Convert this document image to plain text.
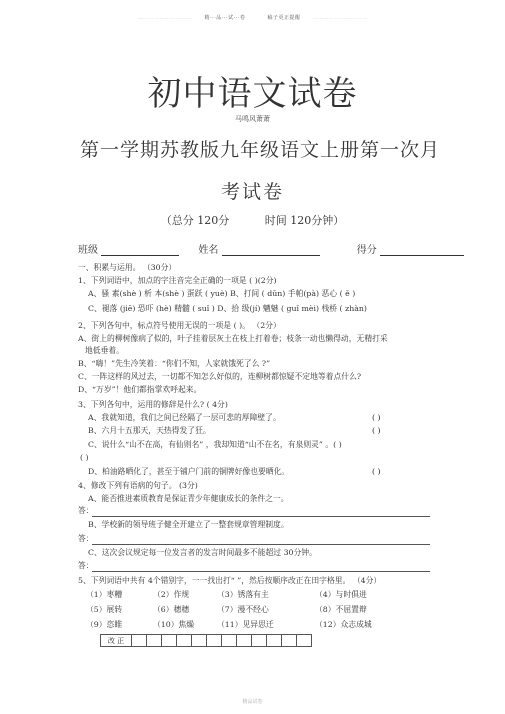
………………………… 精···品···试···卷	稿子更正提醒 …………………………
初中语文试卷
马鸣风萧萧
第一学期苏教版九年级语文上册第一次月
考试卷
（总分 120分	时间 120分钟）
班级	姓名	得分
一、积累与运用。 （30分）
1、下列词语中，加点的字注音完全正确的一项是 ( )(2分)
A、骚 素(shè ) 析 本(shè ) 蛋跃 ( yuè) B、打间 ( dǔn) 手帕(pà) 恶心 ( ě )
C、褪落 (jiē) 恐吓 (hè) 精髓 ( suǐ ) D、拾 级(jí) 魑魅 ( guǐ mèi) 栈桥 ( zhàn)
2、下列各句中，标点符号使用无误的一项是 ( )。 （2分）
A、街上的柳树像病了似的，叶子挂着层灰土在枝上打着卷；枝条一动也懒得动，无精打采
地低垂着。
B、“嗨！”先生冷笑着：“你们不知，人家就饿死了么 ?”
C、一阵这样的风过去，一切都不知怎么好似的，连柳树都惊疑不定地等着点什么?
D、“万岁”！他们都指掌欢呼起来。
3、下列各句中，运用的修辞是什么? ( 4分)
A、我就知道，我们之间已经隔了一层可悲的厚障壁了。	( )
B、六月十五那天，天热得发了狂。	( )
C、说什么“山不在高，有仙则名” ，我却知道“山不在名，有泉则灵” 。( )
( )
D、柏油路晒化了，甚至于铺户门前的铜牌好像也要晒化。	( )
4、修改下列有语病的句子。 (3分)
A、能否推进素质教育是保证青少年健康成长的条件之一。
答：
B、学校新的领导班子健全开建立了一整套规章管理制度。
答：
C、这次会议规定每一位发言者的发言时间最多不能超过 30分钟。
答：
5、下列词语中共有 4个错别字，一一找出打“ ”，然后按顺序改正在田字格里。 （4分）
（1）枣糟	（2）作规	（3）锈落有主	（4）与时俱进
（5）展转	（6）穗穗	（7）漫不经心	（8）不屈置辩
（9）恣睢	（10）焦燥	（11）见异思迁	（12）众志成城
改 正												
精品试卷
